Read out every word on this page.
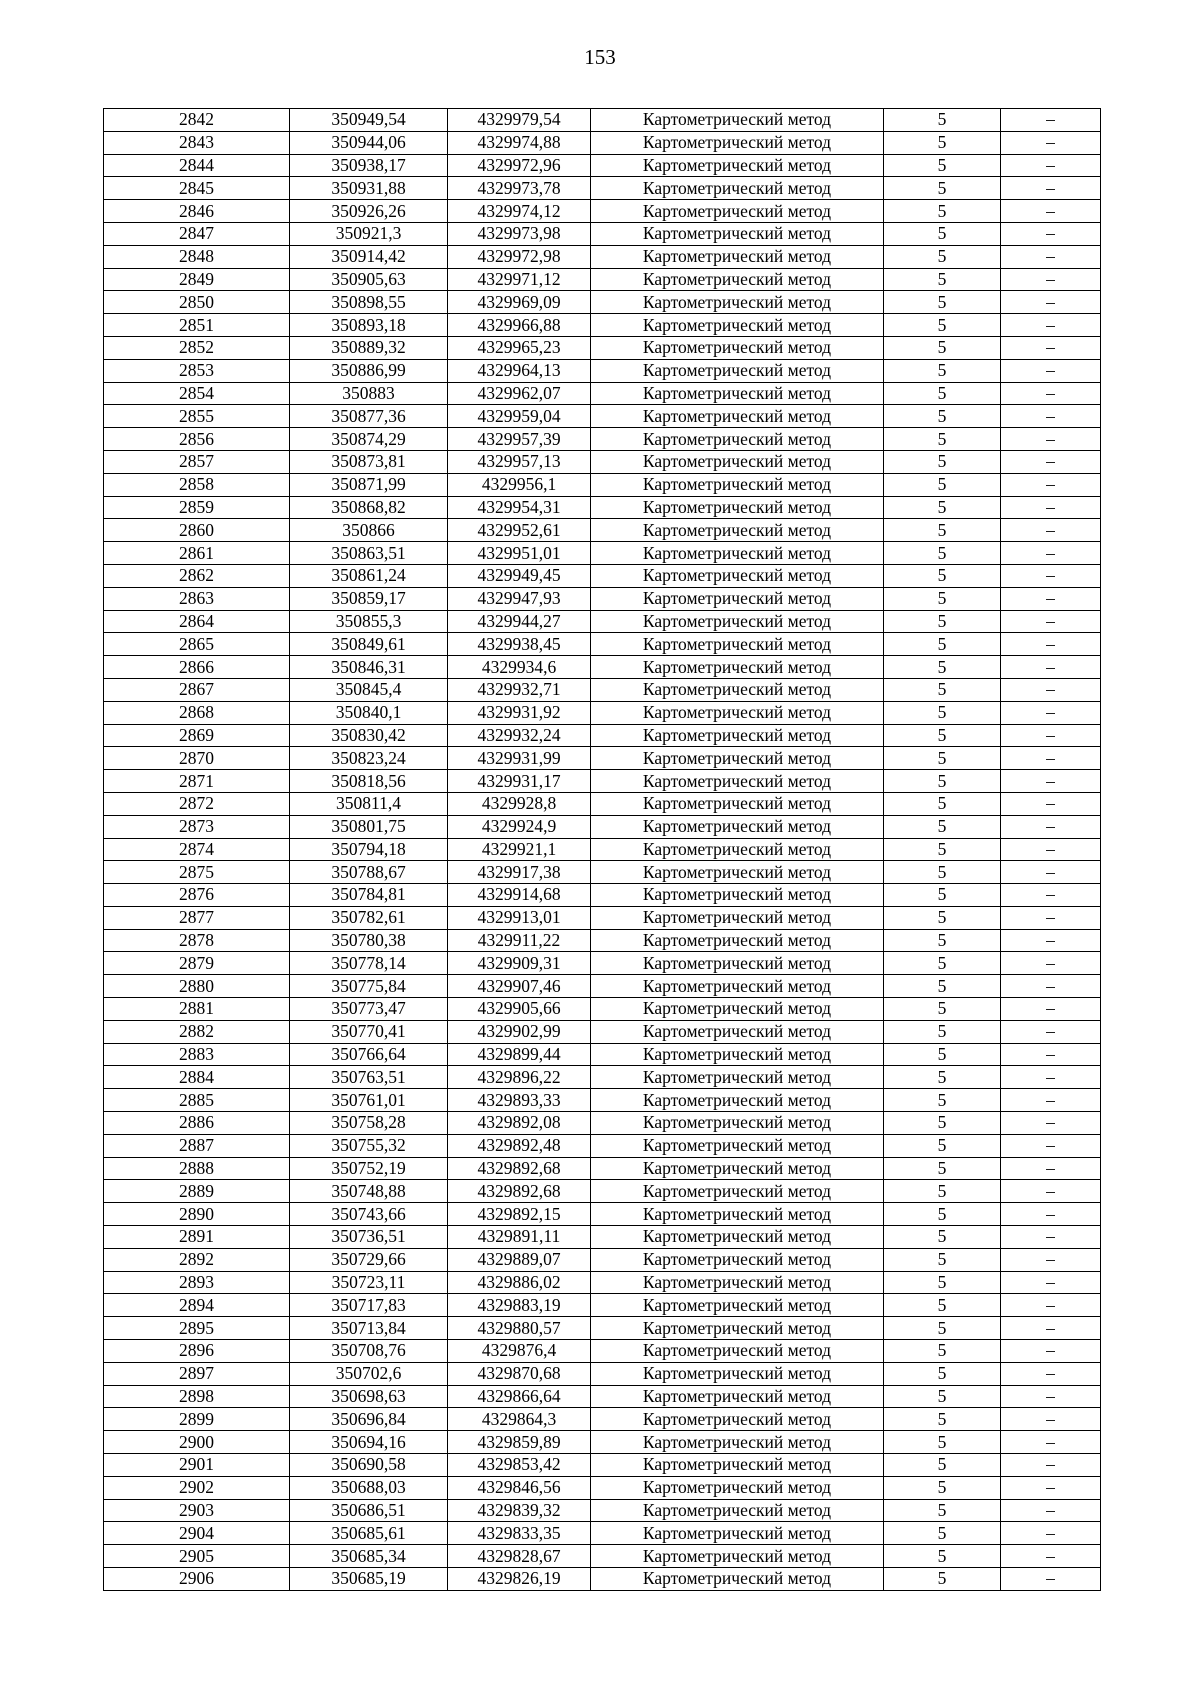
153
2842	350949,54	4329979,54	Картометрический метод	5	–
2843	350944,06	4329974,88	Картометрический метод	5	–
2844	350938,17	4329972,96	Картометрический метод	5	–
2845	350931,88	4329973,78	Картометрический метод	5	–
2846	350926,26	4329974,12	Картометрический метод	5	–
2847	350921,3	4329973,98	Картометрический метод	5	–
2848	350914,42	4329972,98	Картометрический метод	5	–
2849	350905,63	4329971,12	Картометрический метод	5	–
2850	350898,55	4329969,09	Картометрический метод	5	–
2851	350893,18	4329966,88	Картометрический метод	5	–
2852	350889,32	4329965,23	Картометрический метод	5	–
2853	350886,99	4329964,13	Картометрический метод	5	–
2854	350883	4329962,07	Картометрический метод	5	–
2855	350877,36	4329959,04	Картометрический метод	5	–
2856	350874,29	4329957,39	Картометрический метод	5	–
2857	350873,81	4329957,13	Картометрический метод	5	–
2858	350871,99	4329956,1	Картометрический метод	5	–
2859	350868,82	4329954,31	Картометрический метод	5	–
2860	350866	4329952,61	Картометрический метод	5	–
2861	350863,51	4329951,01	Картометрический метод	5	–
2862	350861,24	4329949,45	Картометрический метод	5	–
2863	350859,17	4329947,93	Картометрический метод	5	–
2864	350855,3	4329944,27	Картометрический метод	5	–
2865	350849,61	4329938,45	Картометрический метод	5	–
2866	350846,31	4329934,6	Картометрический метод	5	–
2867	350845,4	4329932,71	Картометрический метод	5	–
2868	350840,1	4329931,92	Картометрический метод	5	–
2869	350830,42	4329932,24	Картометрический метод	5	–
2870	350823,24	4329931,99	Картометрический метод	5	–
2871	350818,56	4329931,17	Картометрический метод	5	–
2872	350811,4	4329928,8	Картометрический метод	5	–
2873	350801,75	4329924,9	Картометрический метод	5	–
2874	350794,18	4329921,1	Картометрический метод	5	–
2875	350788,67	4329917,38	Картометрический метод	5	–
2876	350784,81	4329914,68	Картометрический метод	5	–
2877	350782,61	4329913,01	Картометрический метод	5	–
2878	350780,38	4329911,22	Картометрический метод	5	–
2879	350778,14	4329909,31	Картометрический метод	5	–
2880	350775,84	4329907,46	Картометрический метод	5	–
2881	350773,47	4329905,66	Картометрический метод	5	–
2882	350770,41	4329902,99	Картометрический метод	5	–
2883	350766,64	4329899,44	Картометрический метод	5	–
2884	350763,51	4329896,22	Картометрический метод	5	–
2885	350761,01	4329893,33	Картометрический метод	5	–
2886	350758,28	4329892,08	Картометрический метод	5	–
2887	350755,32	4329892,48	Картометрический метод	5	–
2888	350752,19	4329892,68	Картометрический метод	5	–
2889	350748,88	4329892,68	Картометрический метод	5	–
2890	350743,66	4329892,15	Картометрический метод	5	–
2891	350736,51	4329891,11	Картометрический метод	5	–
2892	350729,66	4329889,07	Картометрический метод	5	–
2893	350723,11	4329886,02	Картометрический метод	5	–
2894	350717,83	4329883,19	Картометрический метод	5	–
2895	350713,84	4329880,57	Картометрический метод	5	–
2896	350708,76	4329876,4	Картометрический метод	5	–
2897	350702,6	4329870,68	Картометрический метод	5	–
2898	350698,63	4329866,64	Картометрический метод	5	–
2899	350696,84	4329864,3	Картометрический метод	5	–
2900	350694,16	4329859,89	Картометрический метод	5	–
2901	350690,58	4329853,42	Картометрический метод	5	–
2902	350688,03	4329846,56	Картометрический метод	5	–
2903	350686,51	4329839,32	Картометрический метод	5	–
2904	350685,61	4329833,35	Картометрический метод	5	–
2905	350685,34	4329828,67	Картометрический метод	5	–
2906	350685,19	4329826,19	Картометрический метод	5	–
